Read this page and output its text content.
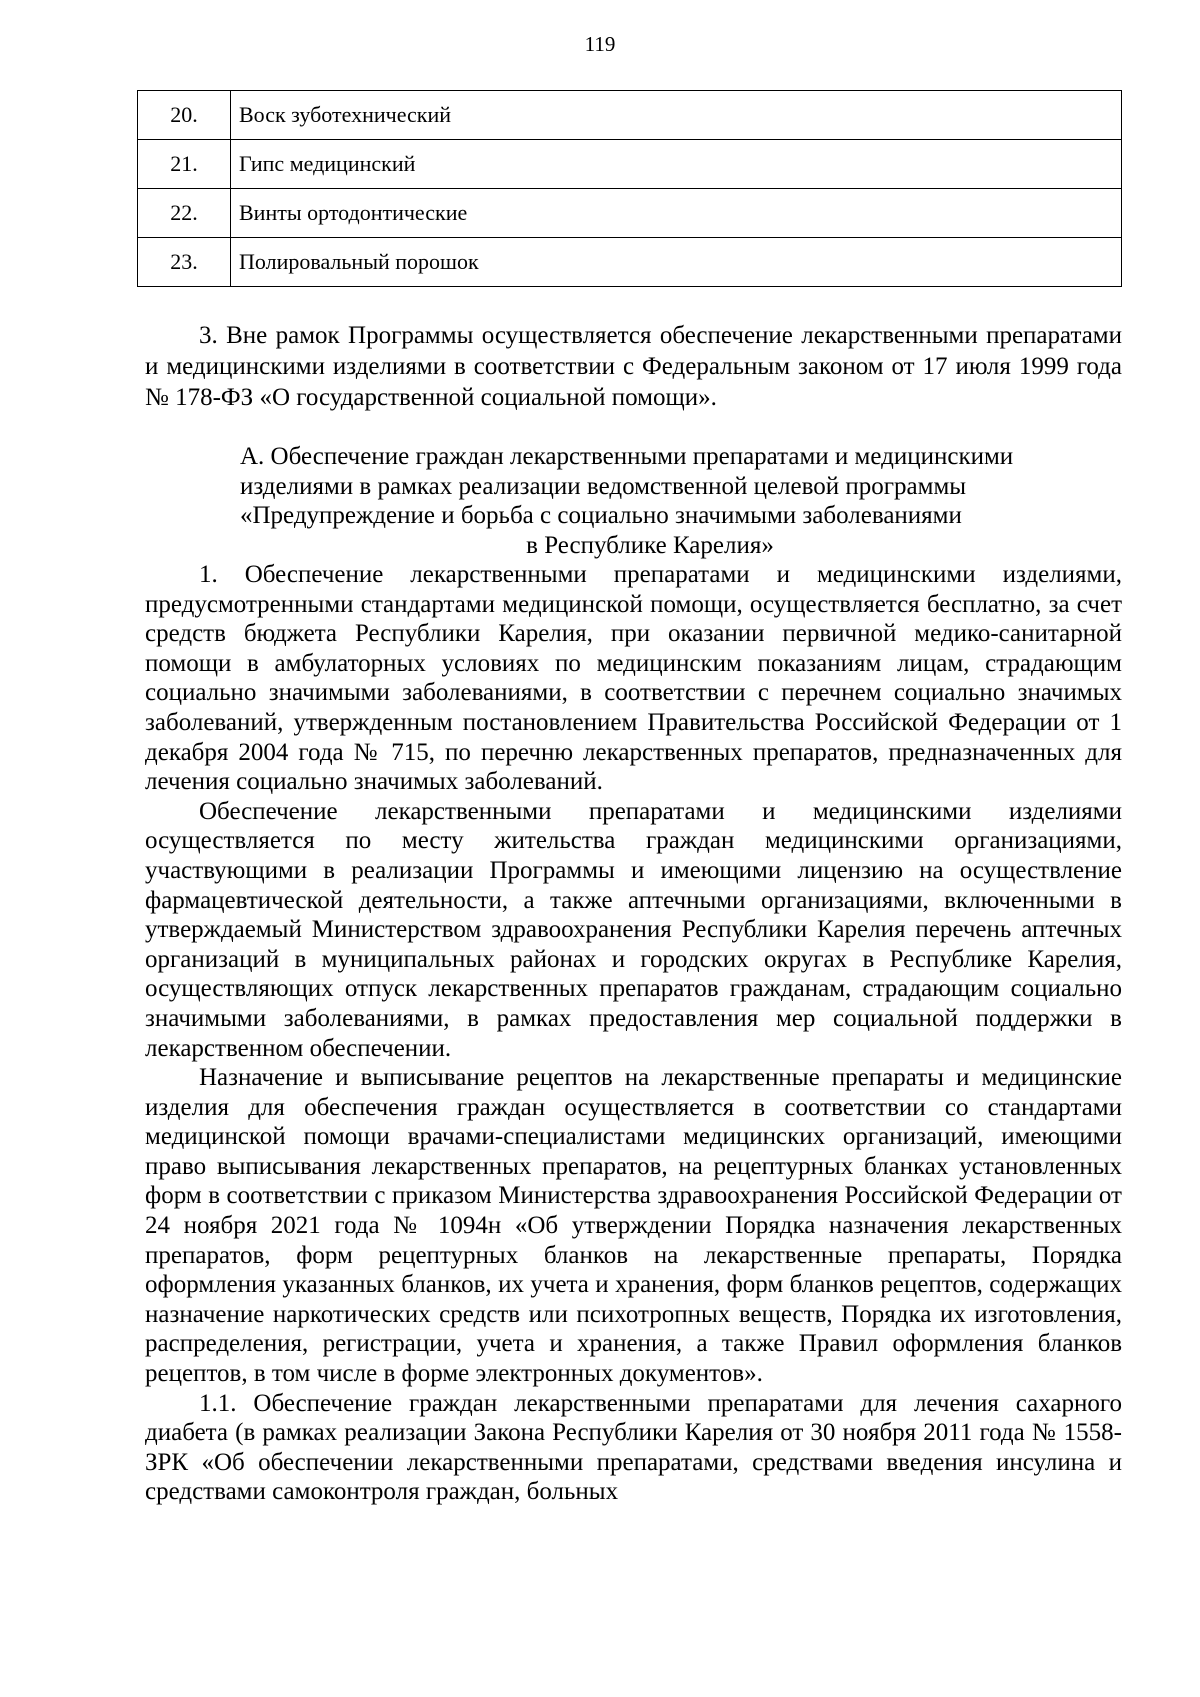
119
20.	Воск зуботехнический
21.	Гипс медицинский
22.	Винты ортодонтические
23.	Полировальный порошок

3. Вне рамок Программы осуществляется обеспечение лекарственными препаратами и медицинскими изделиями в соответствии с Федеральным законом от 17 июля 1999 года № 178-ФЗ «О государственной социальной помощи».

А. Обеспечение граждан лекарственными препаратами и медицинскими
изделиями в рамках реализации ведомственной целевой программы
«Предупреждение и борьба с социально значимыми заболеваниями
в Республике Карелия»

1. Обеспечение лекарственными препаратами и медицинскими изделиями, предусмотренными стандартами медицинской помощи, осуществляется бесплатно, за счет средств бюджета Республики Карелия, при оказании первичной медико-санитарной помощи в амбулаторных условиях по медицинским показаниям лицам, страдающим социально значимыми заболеваниями, в соответствии с перечнем социально значимых заболеваний, утвержденным постановлением Правительства Российской Федерации от 1 декабря 2004 года № 715, по перечню лекарственных препаратов, предназначенных для лечения социально значимых заболеваний.

Обеспечение лекарственными препаратами и медицинскими изделиями осуществляется по месту жительства граждан медицинскими организациями, участвующими в реализации Программы и имеющими лицензию на осуществление фармацевтической деятельности, а также аптечными организациями, включенными в утверждаемый Министерством здравоохранения Республики Карелия перечень аптечных организаций в муниципальных районах и городских округах в Республике Карелия, осуществляющих отпуск лекарственных препаратов гражданам, страдающим социально значимыми заболеваниями, в рамках предоставления мер социальной поддержки в лекарственном обеспечении.

Назначение и выписывание рецептов на лекарственные препараты и медицинские изделия для обеспечения граждан осуществляется в соответствии со стандартами медицинской помощи врачами-специалистами медицинских организаций, имеющими право выписывания лекарственных препаратов, на рецептурных бланках установленных форм в соответствии с приказом Министерства здравоохранения Российской Федерации от 24 ноября 2021 года № 1094н «Об утверждении Порядка назначения лекарственных препаратов, форм рецептурных бланков на лекарственные препараты, Порядка оформления указанных бланков, их учета и хранения, форм бланков рецептов, содержащих назначение наркотических средств или психотропных веществ, Порядка их изготовления, распределения, регистрации, учета и хранения, а также Правил оформления бланков рецептов, в том числе в форме электронных документов».

1.1. Обеспечение граждан лекарственными препаратами для лечения сахарного диабета (в рамках реализации Закона Республики Карелия от 30 ноября 2011 года № 1558-ЗРК «Об обеспечении лекарственными препаратами, средствами введения инсулина и средствами самоконтроля граждан, больных
